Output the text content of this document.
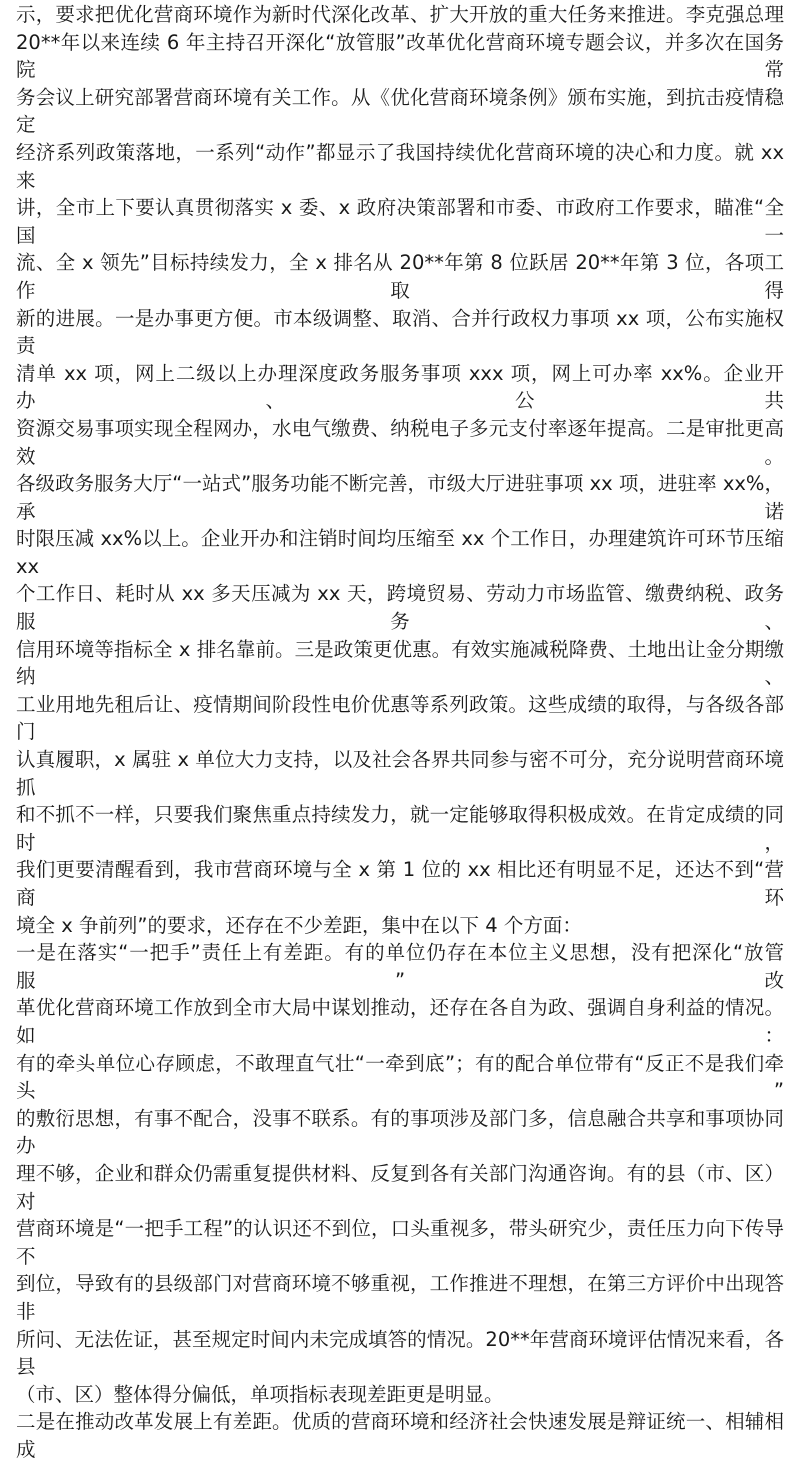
示，要求把优化营商环境作为新时代深化改革、扩大开放的重大任务来推进。李克强总理
20**年以来连续 6 年主持召开深化“放管服”改革优化营商环境专题会议，并多次在国务院常
务会议上研究部署营商环境有关工作。从《优化营商环境条例》颁布实施，到抗击疫情稳定
经济系列政策落地，一系列“动作”都显示了我国持续优化营商环境的决心和力度。就 xx 来
讲，全市上下要认真贯彻落实 x 委、x 政府决策部署和市委、市政府工作要求，瞄准“全国一
流、全 x 领先”目标持续发力，全 x 排名从 20**年第 8 位跃居 20**年第 3 位，各项工作取得
新的进展。一是办事更方便。市本级调整、取消、合并行政权力事项 xx 项，公布实施权责
清单 xx 项，网上二级以上办理深度政务服务事项 xxx 项，网上可办率 xx%。企业开办、公共
资源交易事项实现全程网办，水电气缴费、纳税电子多元支付率逐年提高。二是审批更高效。
各级政务服务大厅“一站式”服务功能不断完善，市级大厅进驻事项 xx 项，进驻率 xx%，承诺
时限压减 xx%以上。企业开办和注销时间均压缩至 xx 个工作日，办理建筑许可环节压缩 xx
个工作日、耗时从 xx 多天压减为 xx 天，跨境贸易、劳动力市场监管、缴费纳税、政务服务、
信用环境等指标全 x 排名靠前。三是政策更优惠。有效实施减税降费、土地出让金分期缴纳、
工业用地先租后让、疫情期间阶段性电价优惠等系列政策。这些成绩的取得，与各级各部门
认真履职，x 属驻 x 单位大力支持，以及社会各界共同参与密不可分，充分说明营商环境抓
和不抓不一样，只要我们聚焦重点持续发力，就一定能够取得积极成效。在肯定成绩的同时，
我们更要清醒看到，我市营商环境与全 x 第 1 位的 xx 相比还有明显不足，还达不到“营商环
境全 x 争前列”的要求，还存在不少差距，集中在以下 4 个方面：
一是在落实“一把手”责任上有差距。有的单位仍存在本位主义思想，没有把深化“放管服”改
革优化营商环境工作放到全市大局中谋划推动，还存在各自为政、强调自身利益的情况。如：
有的牵头单位心存顾虑，不敢理直气壮“一牵到底”；有的配合单位带有“反正不是我们牵头”
的敷衍思想，有事不配合，没事不联系。有的事项涉及部门多，信息融合共享和事项协同办
理不够，企业和群众仍需重复提供材料、反复到各有关部门沟通咨询。有的县（市、区）对
营商环境是“一把手工程”的认识还不到位，口头重视多，带头研究少，责任压力向下传导不
到位，导致有的县级部门对营商环境不够重视，工作推进不理想，在第三方评价中出现答非
所问、无法佐证，甚至规定时间内未完成填答的情况。20**年营商环境评估情况来看，各县
（市、区）整体得分偏低，单项指标表现差距更是明显。
二是在推动改革发展上有差距。优质的营商环境和经济社会快速发展是辩证统一、相辅相成
